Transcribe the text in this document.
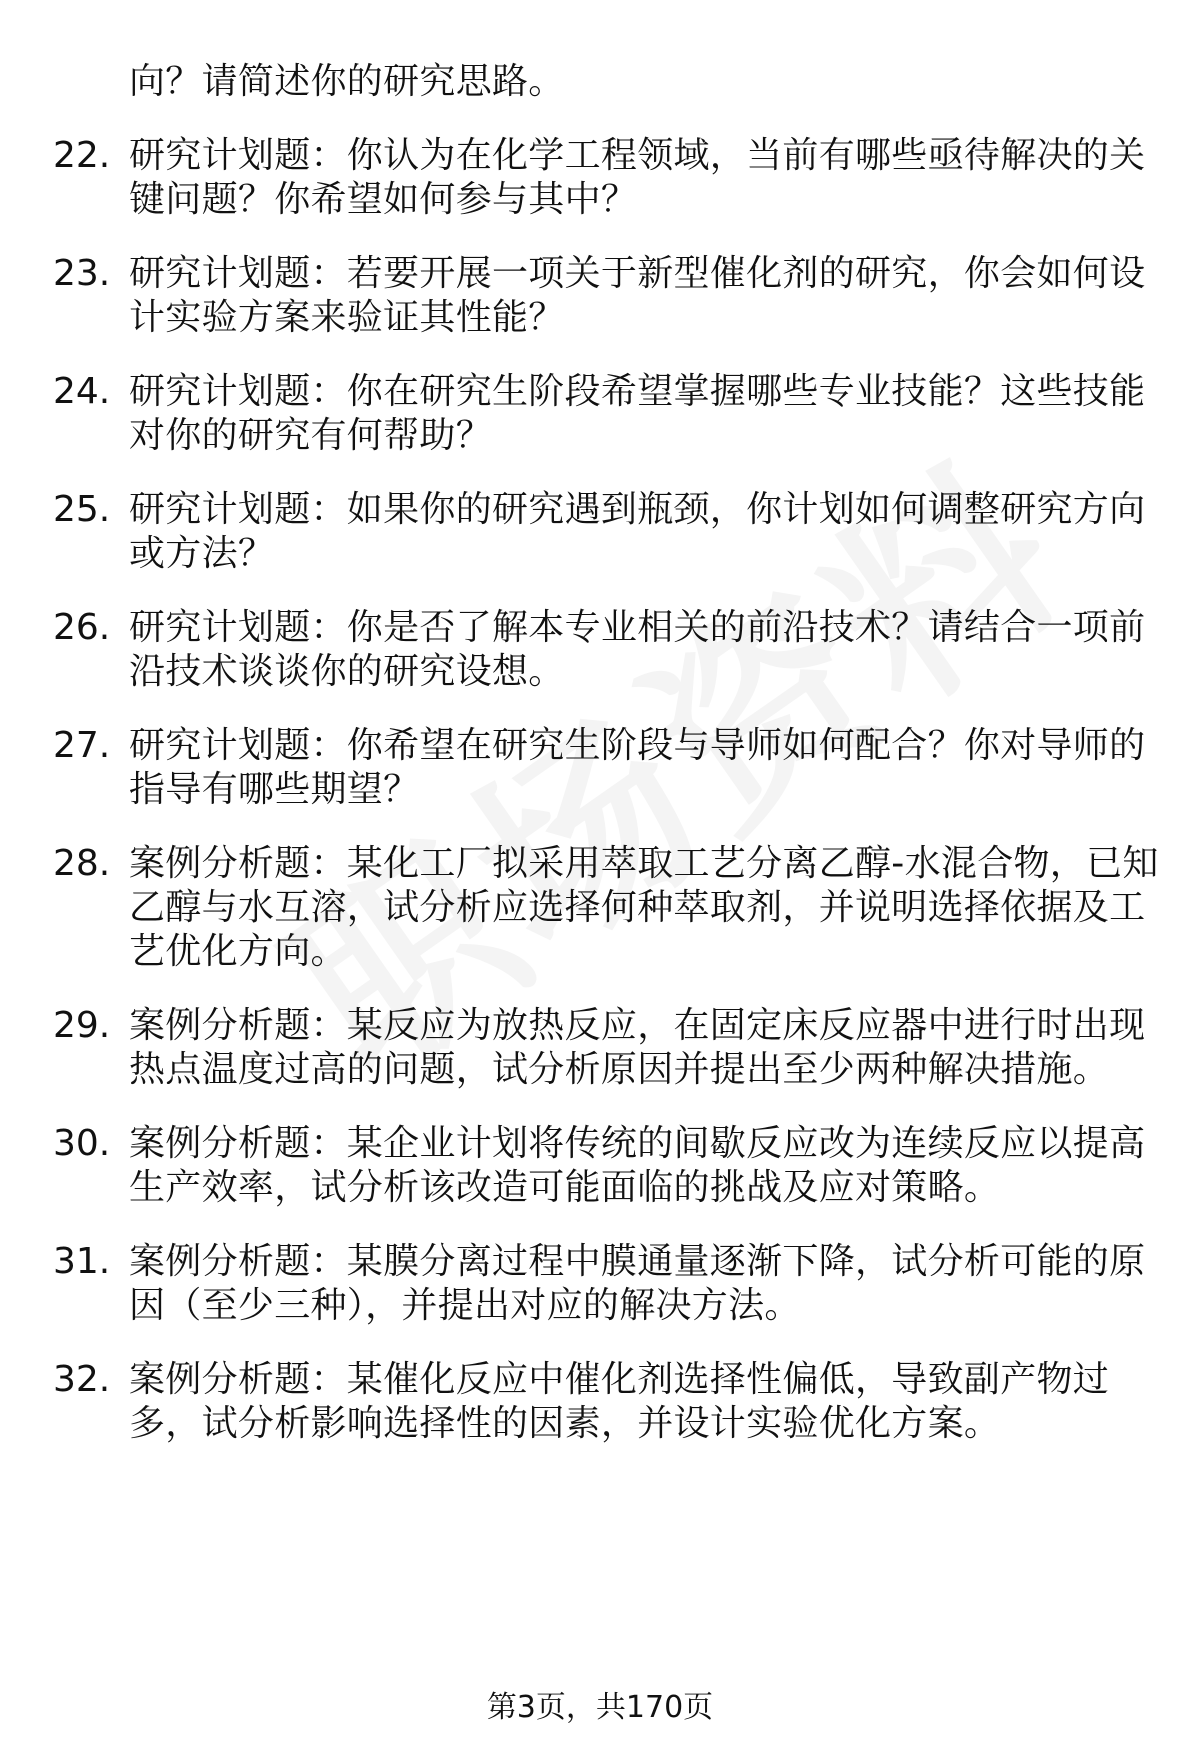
向？请简述你的研究思路。
22. 研究计划题：你认为在化学工程领域，当前有哪些亟待解决的关
键问题？你希望如何参与其中？
23. 研究计划题：若要开展一项关于新型催化剂的研究，你会如何设
计实验方案来验证其性能？
24. 研究计划题：你在研究生阶段希望掌握哪些专业技能？这些技能
对你的研究有何帮助？
25. 研究计划题：如果你的研究遇到瓶颈，你计划如何调整研究方向
或方法？
26. 研究计划题：你是否了解本专业相关的前沿技术？请结合一项前
沿技术谈谈你的研究设想。
27. 研究计划题：你希望在研究生阶段与导师如何配合？你对导师的
指导有哪些期望？
28. 案例分析题：某化工厂拟采用萃取工艺分离乙醇-水混合物，已知
乙醇与水互溶，试分析应选择何种萃取剂，并说明选择依据及工
艺优化方向。
29. 案例分析题：某反应为放热反应，在固定床反应器中进行时出现
热点温度过高的问题，试分析原因并提出至少两种解决措施。
30. 案例分析题：某企业计划将传统的间歇反应改为连续反应以提高
生产效率，试分析该改造可能面临的挑战及应对策略。
31. 案例分析题：某膜分离过程中膜通量逐渐下降，试分析可能的原
因（至少三种），并提出对应的解决方法。
32. 案例分析题：某催化反应中催化剂选择性偏低，导致副产物过
多，试分析影响选择性的因素，并设计实验优化方案。
第3页，共170页
